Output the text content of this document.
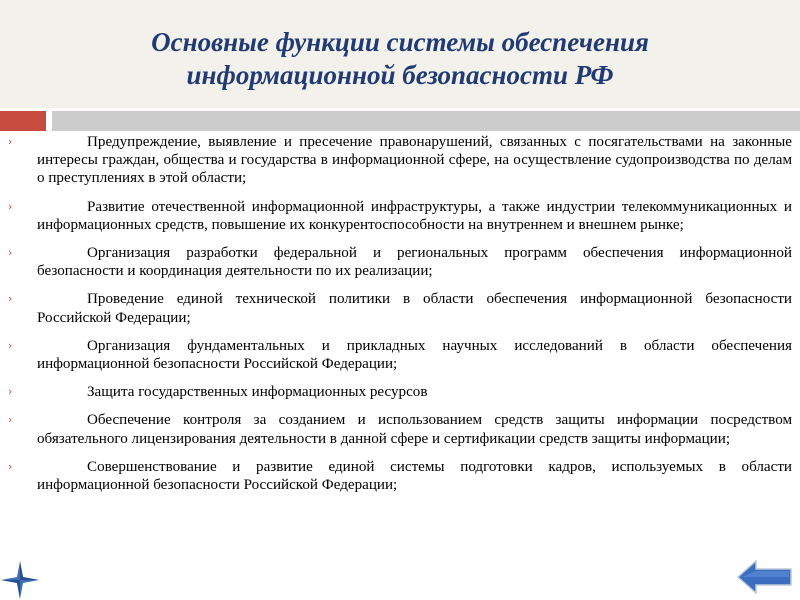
Основные функции системы обеспечения
информационной безопасности РФ
›	Предупреждение, выявление и пресечение правонарушений, связанных с посягательствами на законные интересы граждан, общества и государства в информационной сфере, на осуществление судопроизводства по делам о преступлениях в этой области;
›	Развитие отечественной информационной инфраструктуры, а также индустрии телекоммуникационных и информационных средств, повышение их конкурентоспособности на внутреннем и внешнем рынке;
›	Организация разработки федеральной и региональных программ обеспечения информационной безопасности и координация деятельности по их реализации;
›	Проведение единой технической политики в области обеспечения информационной безопасности Российской Федерации;
›	Организация фундаментальных и прикладных научных исследований в области обеспечения информационной безопасности Российской Федерации;
›	Защита государственных информационных ресурсов
›	Обеспечение контроля за созданием и использованием средств защиты информации посредством обязательного лицензирования деятельности в данной сфере и сертификации средств защиты информации;
›	Совершенствование и развитие единой системы подготовки кадров, используемых в области информационной безопасности Российской Федерации;
